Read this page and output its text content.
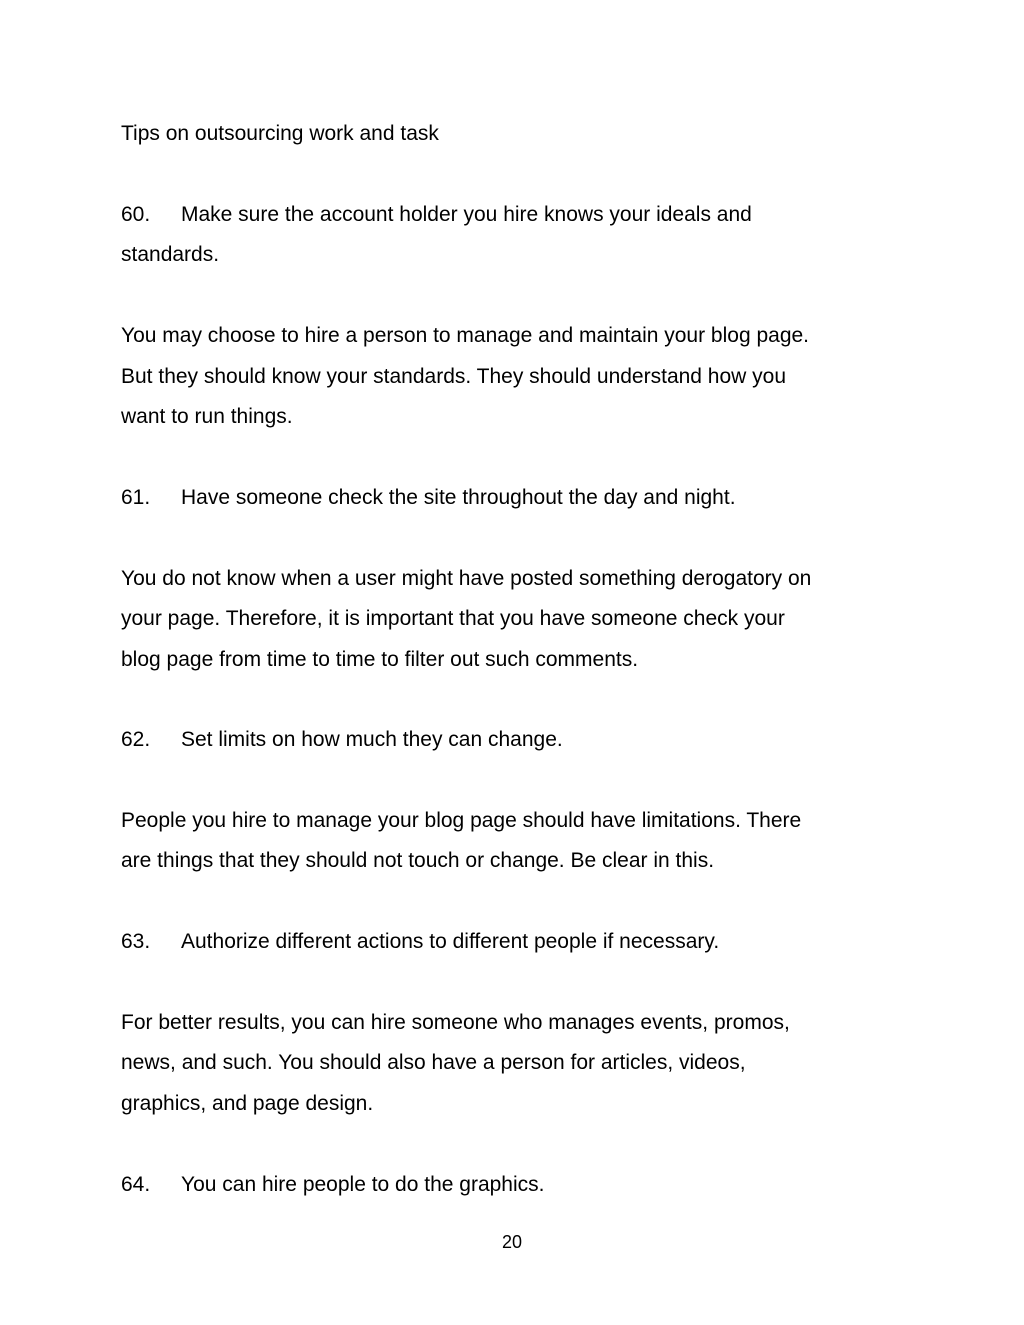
Tips on outsourcing work and task
60. Make sure the account holder you hire knows your ideals and
standards.
You may choose to hire a person to manage and maintain your blog page.
But they should know your standards. They should understand how you
want to run things.
61. Have someone check the site throughout the day and night.
You do not know when a user might have posted something derogatory on
your page. Therefore, it is important that you have someone check your
blog page from time to time to filter out such comments.
62. Set limits on how much they can change.
People you hire to manage your blog page should have limitations. There
are things that they should not touch or change. Be clear in this.
63. Authorize different actions to different people if necessary.
For better results, you can hire someone who manages events, promos,
news, and such. You should also have a person for articles, videos,
graphics, and page design.
64. You can hire people to do the graphics.
20
